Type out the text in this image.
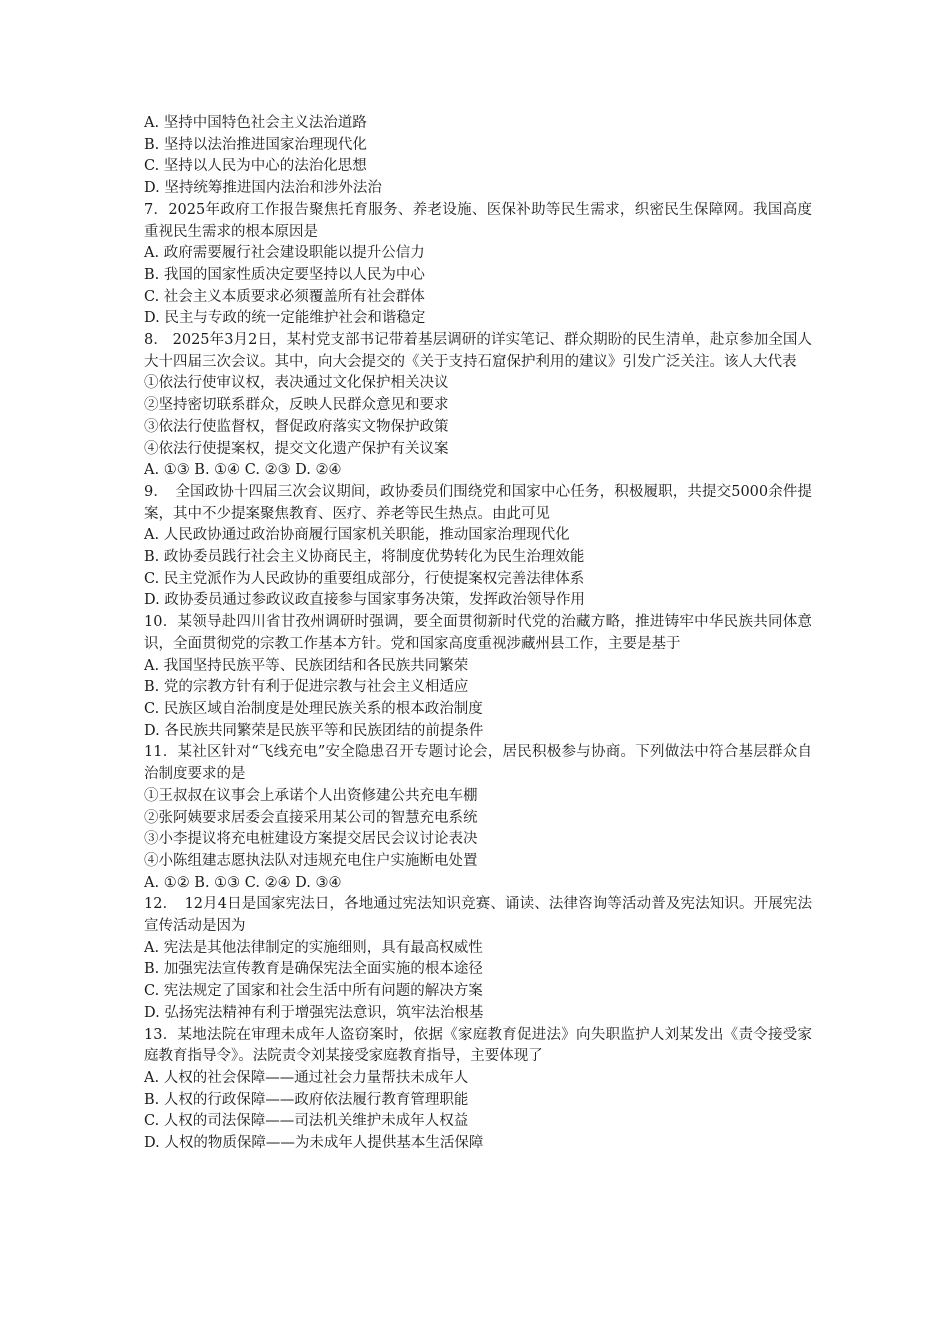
A. 坚持中国特色社会主义法治道路
B. 坚持以法治推进国家治理现代化
C. 坚持以人民为中心的法治化思想
D. 坚持统筹推进国内法治和涉外法治
7．2025年政府工作报告聚焦托育服务、养老设施、医保补助等民生需求，织密民生保障网。我国高度重视民生需求的根本原因是
A. 政府需要履行社会建设职能以提升公信力
B. 我国的国家性质决定要坚持以人民为中心
C. 社会主义本质要求必须覆盖所有社会群体
D. 民主与专政的统一定能维护社会和谐稳定
8． 2025年3月2日，某村党支部书记带着基层调研的详实笔记、群众期盼的民生清单，赴京参加全国人大十四届三次会议。其中，向大会提交的《关于支持石窟保护利用的建议》引发广泛关注。该人大代表
①依法行使审议权，表决通过文化保护相关决议
②坚持密切联系群众，反映人民群众意见和要求
③依法行使监督权，督促政府落实文物保护政策
④依法行使提案权，提交文化遗产保护有关议案
A. ①③ B. ①④ C. ②③ D. ②④
9．　全国政协十四届三次会议期间，政协委员们围绕党和国家中心任务，积极履职，共提交5000余件提案，其中不少提案聚焦教育、医疗、养老等民生热点。由此可见
A. 人民政协通过政治协商履行国家机关职能，推动国家治理现代化
B. 政协委员践行社会主义协商民主，将制度优势转化为民生治理效能
C. 民主党派作为人民政协的重要组成部分，行使提案权完善法律体系
D. 政协委员通过参政议政直接参与国家事务决策，发挥政治领导作用
10．某领导赴四川省甘孜州调研时强调，要全面贯彻新时代党的治藏方略，推进铸牢中华民族共同体意识，全面贯彻党的宗教工作基本方针。党和国家高度重视涉藏州县工作，主要是基于
A. 我国坚持民族平等、民族团结和各民族共同繁荣
B. 党的宗教方针有利于促进宗教与社会主义相适应
C. 民族区域自治制度是处理民族关系的根本政治制度
D. 各民族共同繁荣是民族平等和民族团结的前提条件
11．某社区针对“飞线充电”安全隐患召开专题讨论会，居民积极参与协商。下列做法中符合基层群众自治制度要求的是
①王叔叔在议事会上承诺个人出资修建公共充电车棚
②张阿姨要求居委会直接采用某公司的智慧充电系统
③小李提议将充电桩建设方案提交居民会议讨论表决
④小陈组建志愿执法队对违规充电住户实施断电处置
A. ①② B. ①③ C. ②④ D. ③④
12．　12月4日是国家宪法日，各地通过宪法知识竞赛、诵读、法律咨询等活动普及宪法知识。开展宪法宣传活动是因为
A. 宪法是其他法律制定的实施细则，具有最高权威性
B. 加强宪法宣传教育是确保宪法全面实施的根本途径
C. 宪法规定了国家和社会生活中所有问题的解决方案
D. 弘扬宪法精神有利于增强宪法意识，筑牢法治根基
13．某地法院在审理未成年人盗窃案时，依据《家庭教育促进法》向失职监护人刘某发出《责令接受家庭教育指导令》。法院责令刘某接受家庭教育指导，主要体现了
A. 人权的社会保障——通过社会力量帮扶未成年人
B. 人权的行政保障——政府依法履行教育管理职能
C. 人权的司法保障——司法机关维护未成年人权益
D. 人权的物质保障——为未成年人提供基本生活保障
